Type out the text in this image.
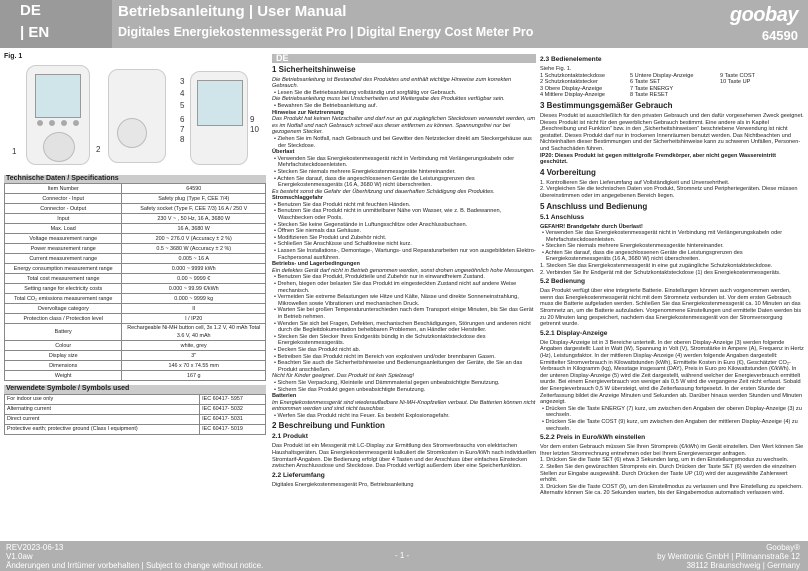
DE
| EN
Betriebsanleitung | User Manual
Digitales Energiekostenmessgerät Pro | Digital Energy Cost Meter Pro
goobay
64590
Fig. 1
1	2
3
4
5
6
7
8
9
10
Technische Daten / Specifications
Item Number	64590
Connector - Input	Safety plug (Type F, CEE 7/4)
Connector - Output	Safety socket (Type F, CEE 7/3) 16 A / 250 V
Input	230 V ~ , 50 Hz, 16 A, 3680 W
Max. Load	16 A, 3680 W
Voltage measurement range	200 ~ 276.0 V (Accuracy ± 2 %)
Power measurement range	0.5 ~ 3680 W (Accuracy ± 2 %)
Current measurement range	0.005 ~ 16 A
Energy consumption measurement range	0.000 ~ 9999 kWh
Total cost measurement range	0.00 ~ 9999 €
Setting range for electricity costs	0.000 ~ 99.99 €/kWh
Total CO₂ emissions measurement range	0.000 ~ 9999 kg
Overvoltage category	II
Protection class / Protection level	I / IP20
Battery	Rechargeable Ni-MH button cell, 3x 1.2 V, 40 mAh Total 3.6 V, 40 mAh
Colour	white, grey
Display size	3"
Dimensions	146 x 70 x 74.55 mm
Weight	167 g
Verwendete Symbole / Symbols used
For indoor use only	IEC 60417- 5957
Alternating current	IEC 60417- 5032
Direct current	IEC 60417- 5031
Protective earth; protective ground (Class I equipment)	IEC 60417- 5019
DE
1 Sicherheitshinweise
Die Betriebsanleitung ist Bestandteil des Produktes und enthält wichtige Hinweise zum korrekten Gebrauch.
• Lesen Sie die Betriebsanleitung vollständig und sorgfältig vor Gebrauch.
Die Betriebsanleitung muss bei Unsicherheiten und Weitergabe des Produktes verfügbar sein.
• Bewahren Sie die Betriebsanleitung auf.
Hinweise zur Netztrennung
Das Produkt hat keinen Netzschalter und darf nur an gut zugänglichen Steckdosen verwendet werden, um es im Notfall und nach Gebrauch schnell aus dieser entfernen zu können. Spannungsfrei nur bei gezogenem Stecker.
• Ziehen Sie im Notfall, nach Gebrauch und bei Gewitter den Netzstecker direkt am Steckergehäuse aus der Steckdose.
Überlast
• Verwenden Sie das Energiekostenmessgerät nicht in Verbindung mit Verlängerungskabeln oder Mehrfachsteckdosenleisten.
• Stecken Sie niemals mehrere Energiekostenmessgeräte hintereinander.
• Achten Sie darauf, dass die angeschlossenen Geräte die Leistungsgrenzen des Energiekostenmessgeräts (16 A, 3680 W) nicht überschreiten.
Es besteht sonst die Gefahr der Überhitzung und dauerhaften Schädigung des Produktes.
Stromschlaggefahr
• Benutzen Sie das Produkt nicht mit feuchten Händen.
• Benutzen Sie das Produkt nicht in unmittelbarer Nähe von Wasser, wie z. B. Badewannen, Waschbecken oder Pools.
• Stecken Sie keine Gegenstände in Luftungsschlitze oder Anschlussbuchsen.
• Öffnen Sie niemals das Gehäuse.
• Modifizieren Sie Produkt und Zubehör nicht.
• Schließen Sie Anschlüsse und Schaltkreise nicht kurz.
• Lassen Sie Installations-, Demontage-, Wartungs- und Reparaturarbeiten nur von ausgebildeten Elektro-Fachpersonal ausführen.
Betriebs- und Lagerbedingungen
Ein defektes Gerät darf nicht in Betrieb genommen werden, sonst drohen ungewöhnlich hohe Messungen.
• Benutzen Sie das Produkt, Produktteile und Zubehör nur in einwandfreiem Zustand.
• Drehen, biegen oder belasten Sie das Produkt im eingesteckten Zustand nicht auf andere Weise mechanisch.
• Vermeiden Sie extreme Belastungen wie Hitze und Kälte, Nässe und direkte Sonneneinstrahlung, Mikrowellen sowie Vibrationen und mechanischen Druck.
• Warten Sie bei großen Temperaturunterschieden nach dem Transport einige Minuten, bis Sie das Gerät in Betrieb nehmen.
• Wenden Sie sich bei Fragen, Defekten, mechanischen Beschädigungen, Störungen und anderen nicht durch die Begleitdokumentation behebbaren Problemen, an Händler oder Hersteller.
• Stecken Sie den Stecker Ihres Endgeräts bündig in die Schutzkontaktsteckdose des Energiekostenmessgeräts.
• Decken Sie das Produkt nicht ab.
• Betreiben Sie das Produkt nicht im Bereich von explosiven und/oder brennbaren Gasen.
• Beachten Sie auch die Sicherheitshinweise und Bedienungsanleitungen der Geräte, die Sie an das Produkt anschließen.
Nicht für Kinder geeignet. Das Produkt ist kein Spielzeug!
• Sichern Sie Verpackung, Kleinteile und Dämmmaterial gegen unbeabsichtigte Benutzung.
• Sichern Sie das Produkt gegen unbeabsichtigte Benutzung.
Batterien
Im Energiekostenmessgerät sind wiederaufladbare Ni-MH-Knopfzellen verbaut. Die Batterien können nicht entnommen werden und sind nicht tauschbar.
• Werfen Sie das Produkt nicht ins Feuer. Es besteht Explosionsgefahr.
2 Beschreibung und Funktion
2.1 Produkt
Das Produkt ist ein Messgerät mit LC-Display zur Ermittlung des Stromverbrauchs von elektrischen Haushaltsgeräten. Das Energiekostenmessgerät kalkuliert die Stromkosten in Euro/kWh nach individuellen Stromtarif-Angaben. Die Bedienung erfolgt über 4 Tasten und der Anschluss über einfaches Einstecken zwischen Anschlussdose und Steckdose. Das Produkt verfügt außerdem über eine Speicherfunktion.
2.2 Lieferumfang
Digitales Energiekostenmessgerät Pro, Betriebsanleitung
2.3 Bedienelemente
Siehe Fig. 1.
1 Schutzkontaktsteckdose	5 Untere Display-Anzeige	9 Taste COST
2 Schutzkontaktstecker	6 Taste SET	10 Taste UP
3 Obere Display-Anzeige	7 Taste ENERGY
4 Mittlere Display-Anzeige	8 Taste RESET
3 Bestimmungsgemäßer Gebrauch
Dieses Produkt ist ausschließlich für den privaten Gebrauch und den dafür vorgesehenen Zweck geeignet. Dieses Produkt ist nicht für den gewerblichen Gebrauch bestimmt. Eine andere als in Kapitel „Beschreibung und Funktion“ bzw. in den „Sicherheitshinweisen“ beschriebene Verwendung ist nicht gestattet. Dieses Produkt darf nur in trockenen Innenräumen benutzt werden. Das Nichtbeachten und Nichteinhalten dieser Bestimmungen und der Sicherheitshinweise kann zu schweren Unfällen, Personen- und Sachschäden führen.
IP20: Dieses Produkt ist gegen mittelgroße Fremdkörper, aber nicht gegen Wassereintritt geschützt.
4 Vorbereitung
1. Kontrollieren Sie den Lieferumfang auf Vollständigkeit und Unversehrtheit.
2. Vergleichen Sie die technischen Daten von Produkt, Stromnetz und Peripheriegeräten. Diese müssen übereinstimmen oder im angegebenen Bereich liegen.
5 Anschluss und Bedienung
5.1 Anschluss
GEFAHR! Brandgefahr durch Überlast!
• Verwenden Sie das Energiekostenmessgerät nicht in Verbindung mit Verlängerungskabeln oder Mehrfachsteckdosenleisten.
• Stecken Sie niemals mehrere Energiekostenmessgeräte hintereinander.
• Achten Sie darauf, dass die angeschlossenen Geräte die Leistungsgrenzen des Energiekostenmessgeräts (16 A, 3680 W) nicht überschreiten.
1. Stecken Sie das Energiekostenmessgerät in eine gut zugängliche Schutzkontaktsteckdose.
2. Verbinden Sie Ihr Endgerät mit der Schutzkontaktsteckdose (1) des Energiekostenmessgeräts.
5.2 Bedienung
Das Produkt verfügt über eine integrierte Batterie. Einstellungen können auch vorgenommen werden, wenn das Energiekostenmessgerät nicht mit dem Stromnetz verbunden ist. Vor dem ersten Gebrauch muss die Batterie aufgeladen werden. Schließen Sie das Energiekostenmessgerät ca. 10 Minuten an das Stromnetz an, um die Batterie aufzuladen. Vorgenommene Einstellungen und ermittelte Daten werden bis zu 20 Minuten lang gespeichert, nachdem das Energiekostenmessgerät von der Stromversorgung getrennt wurde.
5.2.1 Display-Anzeige
Die Display-Anzeige ist in 3 Bereiche unterteilt. In der oberen Display-Anzeige (3) werden folgende Angaben dargestellt: Last in Watt (W), Spannung in Volt (V), Stromstärke in Ampere (A), Frequenz in Hertz (Hz), Leistungsfaktor. In der mittleren Display-Anzeige (4) werden folgende Angaben dargestellt: Ermittelter Stromverbrauch in Kilowattstunden (kWh), Ermittelte Kosten in Euro (€), Geschätzter CO₂-Verbrauch in Kilogramm (kg), Messtage insgesamt (DAY), Preis in Euro pro Kilowattstunden (€/kWh). In der unteren Display-Anzeige (5) wird die Zeit dargestellt, während welcher der Energieverbrauch ermittelt wurde. Bei einem Energieverbrauch von weniger als 0,5 W wird die vergangene Zeit nicht erfasst. Sobald der Energieverbrauch 0,5 W übersteigt, wird die Zeiterfassung fortgesetzt. In der ersten Stunde der Zeiterfassung bildet die Anzeige Minuten und Sekunden ab. Darüber hinaus werden Stunden und Minuten angezeigt.
• Drücken Sie die Taste ENERGY (7) kurz, um zwischen den Angaben der oberen Display-Anzeige (3) zu wechseln.
• Drücken Sie die Taste COST (9) kurz, um zwischen den Angaben der mittleren Display-Anzeige (4) zu wechseln.
5.2.2 Preis in Euro/kWh einstellen
Vor dem ersten Gebrauch müssen Sie Ihren Strompreis (€/kWh) im Gerät einstellen. Den Wert können Sie Ihrer letzten Stromrechnung entnehmen oder bei Ihrem Energieversorger anfragen.
1. Drücken Sie die Taste SET (6) etwa 3 Sekunden lang, um in den Einstellungsmodus zu wechseln.
2. Stellen Sie den gewünschten Strompreis ein. Durch Drücken der Taste SET (6) werden die einzelnen Stellen zur Eingabe ausgewählt. Durch Drücken der Taste UP (10) wird der ausgewählte Zahlenwert erhöht.
3. Drücken Sie die Taste COST (9), um den Einstellmodus zu verlassen und Ihre Einstellung zu speichern. Alternativ können Sie ca. 20 Sekunden warten, bis der Eingabemodus automatisch verlassen wird.
REV2023-06-13
V1.0aw
Änderungen und Irrtümer vorbehalten | Subject to change without notice.
- 1 -
Goobay®
by Wentronic GmbH | Pillmannstraße 12
38112 Braunschweig | Germany
